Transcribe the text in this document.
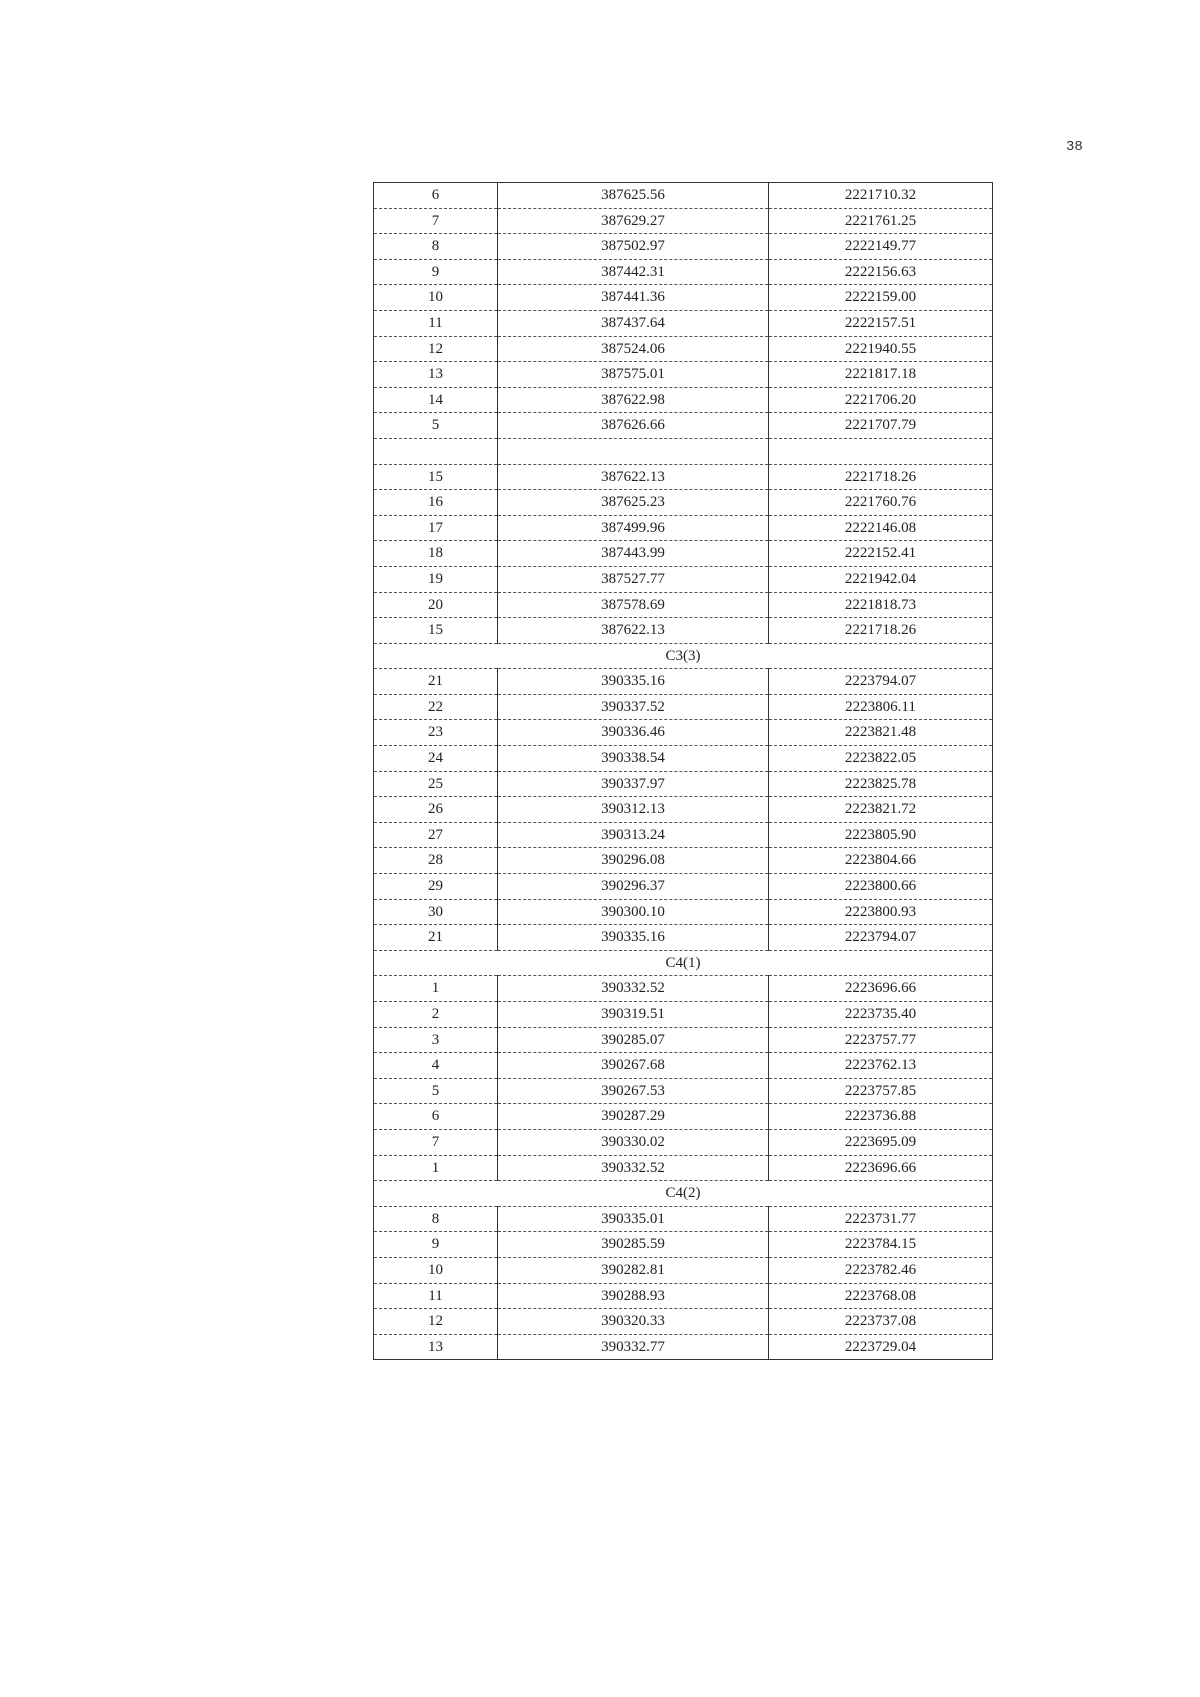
38
6	387625.56	2221710.32
7	387629.27	2221761.25
8	387502.97	2222149.77
9	387442.31	2222156.63
10	387441.36	2222159.00
11	387437.64	2222157.51
12	387524.06	2221940.55
13	387575.01	2221817.18
14	387622.98	2221706.20
5	387626.66	2221707.79

15	387622.13	2221718.26
16	387625.23	2221760.76
17	387499.96	2222146.08
18	387443.99	2222152.41
19	387527.77	2221942.04
20	387578.69	2221818.73
15	387622.13	2221718.26
C3(3)		
21	390335.16	2223794.07
22	390337.52	2223806.11
23	390336.46	2223821.48
24	390338.54	2223822.05
25	390337.97	2223825.78
26	390312.13	2223821.72
27	390313.24	2223805.90
28	390296.08	2223804.66
29	390296.37	2223800.66
30	390300.10	2223800.93
21	390335.16	2223794.07
C4(1)		
1	390332.52	2223696.66
2	390319.51	2223735.40
3	390285.07	2223757.77
4	390267.68	2223762.13
5	390267.53	2223757.85
6	390287.29	2223736.88
7	390330.02	2223695.09
1	390332.52	2223696.66
C4(2)		
8	390335.01	2223731.77
9	390285.59	2223784.15
10	390282.81	2223782.46
11	390288.93	2223768.08
12	390320.33	2223737.08
13	390332.77	2223729.04
